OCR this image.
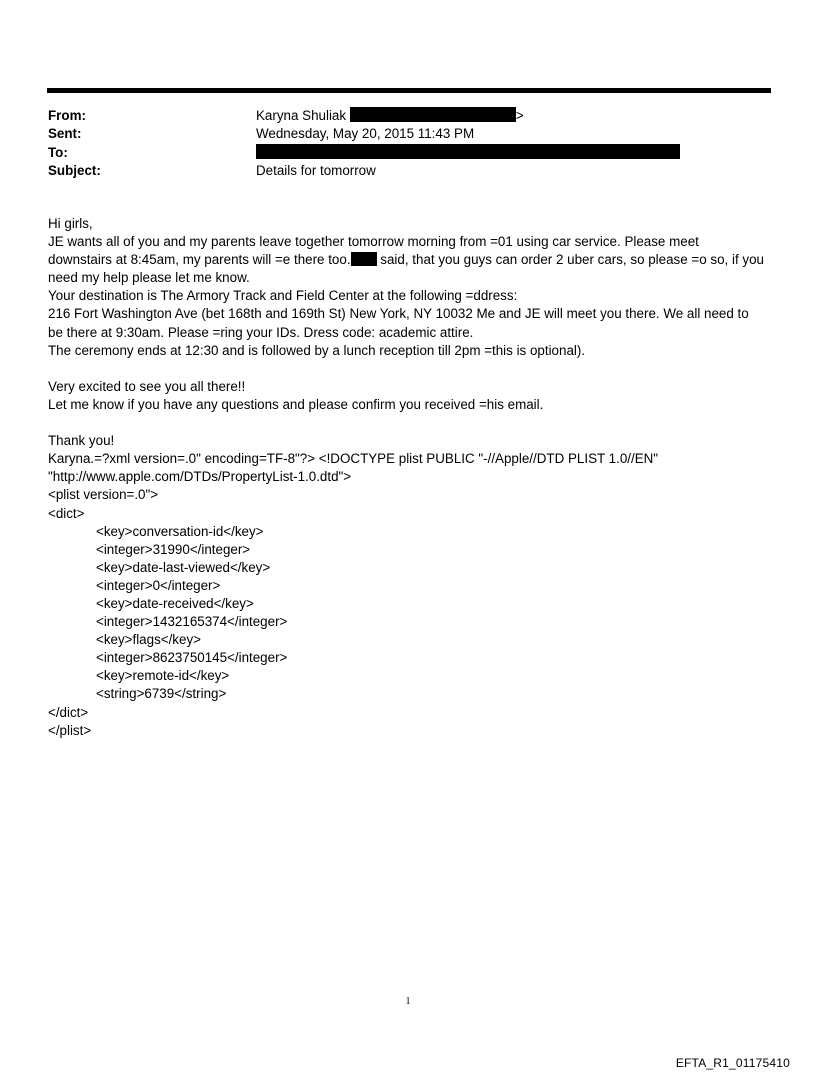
From:	Karyna Shuliak	>
Sent:	Wednesday, May 20, 2015 11:43 PM
To:
Subject:	Details for tomorrow
Hi girls,
JE wants all of you and my parents leave together tomorrow morning from =01 using car service. Please meet
downstairs at 8:45am, my parents will =e there too. said, that you guys can order 2 uber cars, so please =o so, if you
need my help please let me know.
Your destination is The Armory Track and Field Center at the following =ddress:
216 Fort Washington Ave (bet 168th and 169th St) New York, NY 10032 Me and JE will meet you there. We all need to
be there at 9:30am. Please =ring your IDs. Dress code: academic attire.
The ceremony ends at 12:30 and is followed by a lunch reception till 2pm =this is optional).
Very excited to see you all there!!
Let me know if you have any questions and please confirm you received =his email.
Thank you!
Karyna.=?xml version=.0" encoding=TF-8"?> <!DOCTYPE plist PUBLIC "-//Apple//DTD PLIST 1.0//EN"
"http://www.apple.com/DTDs/PropertyList-1.0.dtd">
<plist version=.0">
<dict>
<key>conversation-id</key>
<integer>31990</integer>
<key>date-last-viewed</key>
<integer>0</integer>
<key>date-received</key>
<integer>1432165374</integer>
<key>flags</key>
<integer>8623750145</integer>
<key>remote-id</key>
<string>6739</string>
</dict>
</plist>
1
EFTA_R1_01175410
